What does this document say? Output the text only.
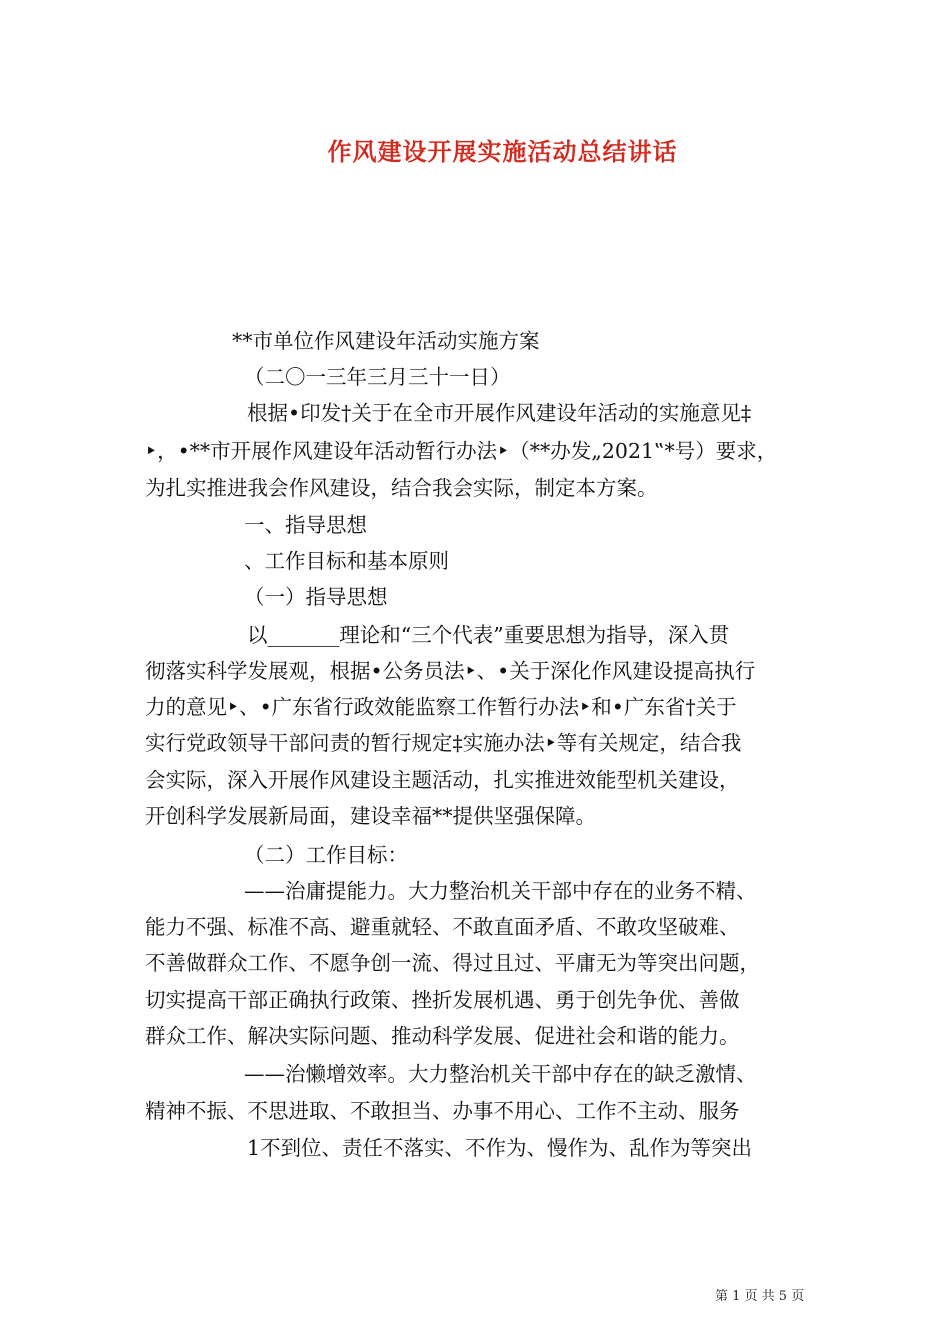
作风建设开展实施活动总结讲话
**市单位作风建设年活动实施方案
（二〇一三年三月三十一日）
根据•印发†关于在全市开展作风建设年活动的实施意见‡
‣，•**市开展作风建设年活动暂行办法‣（**办发„2021‟*号）要求，
为扎实推进我会作风建设，结合我会实际，制定本方案。
一、指导思想
、工作目标和基本原则
（一）指导思想
以_______理论和“三个代表”重要思想为指导，深入贯
彻落实科学发展观，根据•公务员法‣、•关于深化作风建设提高执行
力的意见‣、•广东省行政效能监察工作暂行办法‣和•广东省†关于
实行党政领导干部问责的暂行规定‡实施办法‣等有关规定，结合我
会实际，深入开展作风建设主题活动，扎实推进效能型机关建设，
开创科学发展新局面，建设幸福**提供坚强保障。
（二）工作目标：
——治庸提能力。大力整治机关干部中存在的业务不精、
能力不强、标准不高、避重就轻、不敢直面矛盾、不敢攻坚破难、
不善做群众工作、不愿争创一流、得过且过、平庸无为等突出问题，
切实提高干部正确执行政策、挫折发展机遇、勇于创先争优、善做
群众工作、解决实际问题、推动科学发展、促进社会和谐的能力。
——治懒增效率。大力整治机关干部中存在的缺乏激情、
精神不振、不思进取、不敢担当、办事不用心、工作不主动、服务
1不到位、责任不落实、不作为、慢作为、乱作为等突出
第 1 页 共 5 页
